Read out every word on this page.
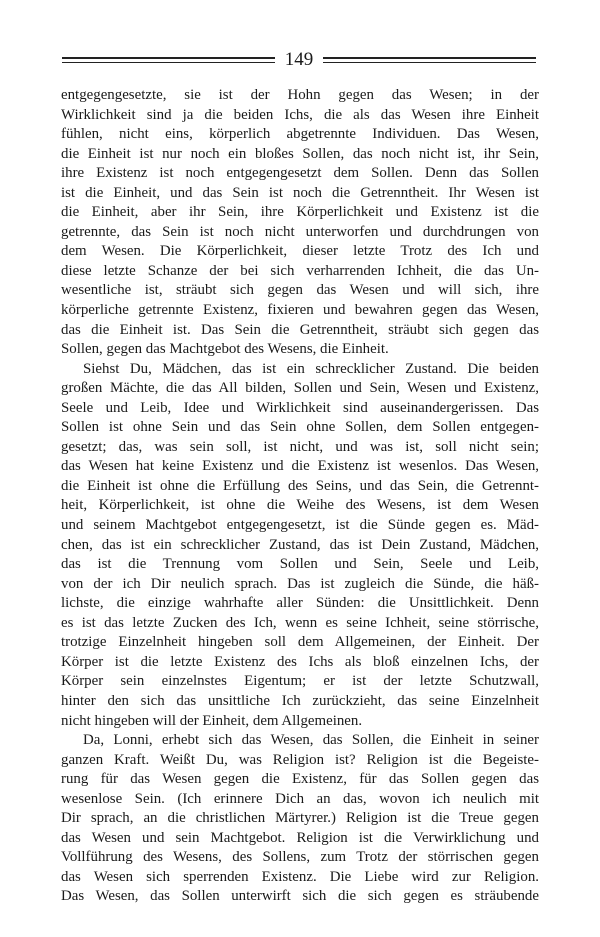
149
entgegengesetzte, sie ist der Hohn gegen das Wesen; in der
Wirklichkeit sind ja die beiden Ichs, die als das Wesen ihre Einheit
fühlen, nicht eins, körperlich abgetrennte Individuen. Das Wesen,
die Einheit ist nur noch ein bloßes Sollen, das noch nicht ist, ihr Sein,
ihre Existenz ist noch entgegengesetzt dem Sollen. Denn das Sollen
ist die Einheit, und das Sein ist noch die Getrenntheit. Ihr Wesen ist
die Einheit, aber ihr Sein, ihre Körperlichkeit und Existenz ist die
getrennte, das Sein ist noch nicht unterworfen und durchdrungen von
dem Wesen. Die Körperlichkeit, dieser letzte Trotz des Ich und
diese letzte Schanze der bei sich verharrenden Ichheit, die das Un-
wesentliche ist, sträubt sich gegen das Wesen und will sich, ihre
körperliche getrennte Existenz, fixieren und bewahren gegen das Wesen,
das die Einheit ist. Das Sein die Getrenntheit, sträubt sich gegen das
Sollen, gegen das Machtgebot des Wesens, die Einheit.
Siehst Du, Mädchen, das ist ein schrecklicher Zustand. Die beiden
großen Mächte, die das All bilden, Sollen und Sein, Wesen und Existenz,
Seele und Leib, Idee und Wirklichkeit sind auseinandergerissen. Das
Sollen ist ohne Sein und das Sein ohne Sollen, dem Sollen entgegen-
gesetzt; das, was sein soll, ist nicht, und was ist, soll nicht sein;
das Wesen hat keine Existenz und die Existenz ist wesenlos. Das Wesen,
die Einheit ist ohne die Erfüllung des Seins, und das Sein, die Getrennt-
heit, Körperlichkeit, ist ohne die Weihe des Wesens, ist dem Wesen
und seinem Machtgebot entgegengesetzt, ist die Sünde gegen es. Mäd-
chen, das ist ein schrecklicher Zustand, das ist Dein Zustand, Mädchen,
das ist die Trennung vom Sollen und Sein, Seele und Leib,
von der ich Dir neulich sprach. Das ist zugleich die Sünde, die häß-
lichste, die einzige wahrhafte aller Sünden: die Unsittlichkeit. Denn
es ist das letzte Zucken des Ich, wenn es seine Ichheit, seine störrische,
trotzige Einzelnheit hingeben soll dem Allgemeinen, der Einheit. Der
Körper ist die letzte Existenz des Ichs als bloß einzelnen Ichs, der
Körper sein einzelnstes Eigentum; er ist der letzte Schutzwall,
hinter den sich das unsittliche Ich zurückzieht, das seine Einzelnheit
nicht hingeben will der Einheit, dem Allgemeinen.
Da, Lonni, erhebt sich das Wesen, das Sollen, die Einheit in seiner
ganzen Kraft. Weißt Du, was Religion ist? Religion ist die Begeiste-
rung für das Wesen gegen die Existenz, für das Sollen gegen das
wesenlose Sein. (Ich erinnere Dich an das, wovon ich neulich mit
Dir sprach, an die christlichen Märtyrer.) Religion ist die Treue gegen
das Wesen und sein Machtgebot. Religion ist die Verwirklichung und
Vollführung des Wesens, des Sollens, zum Trotz der störrischen gegen
das Wesen sich sperrenden Existenz. Die Liebe wird zur Religion.
Das Wesen, das Sollen unterwirft sich die sich gegen es sträubende
